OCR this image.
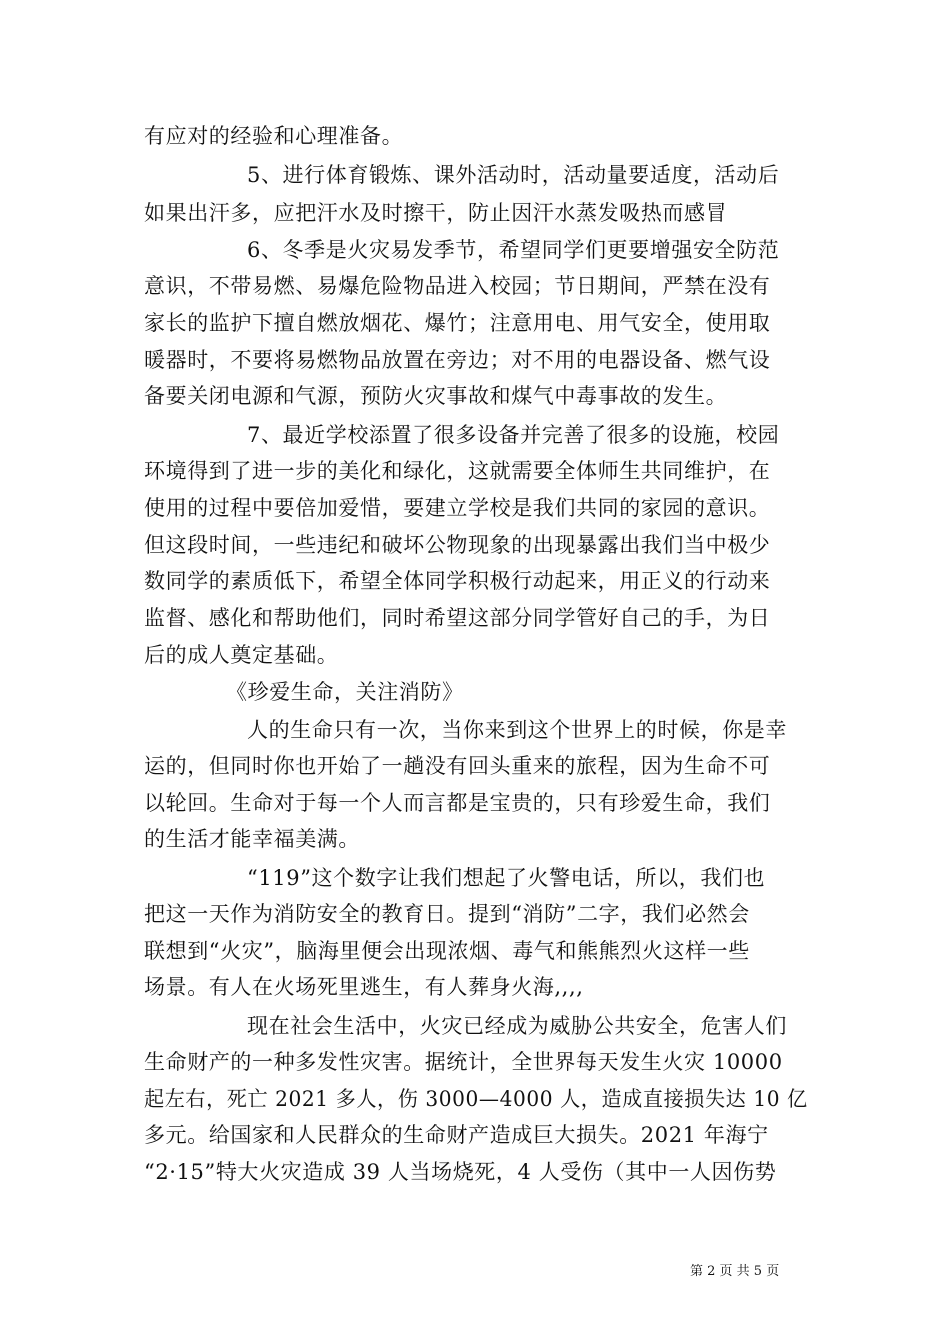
有应对的经验和心理准备。
5、进行体育锻炼、课外活动时，活动量要适度，活动后
如果出汗多，应把汗水及时擦干，防止因汗水蒸发吸热而感冒
6、冬季是火灾易发季节，希望同学们更要增强安全防范
意识，不带易燃、易爆危险物品进入校园；节日期间，严禁在没有
家长的监护下擅自燃放烟花、爆竹；注意用电、用气安全，使用取
暖器时，不要将易燃物品放置在旁边；对不用的电器设备、燃气设
备要关闭电源和气源，预防火灾事故和煤气中毒事故的发生。
7、最近学校添置了很多设备并完善了很多的设施，校园
环境得到了进一步的美化和绿化，这就需要全体师生共同维护，在
使用的过程中要倍加爱惜，要建立学校是我们共同的家园的意识。
但这段时间，一些违纪和破坏公物现象的出现暴露出我们当中极少
数同学的素质低下，希望全体同学积极行动起来，用正义的行动来
监督、感化和帮助他们，同时希望这部分同学管好自己的手，为日
后的成人奠定基础。
《珍爱生命，关注消防》
人的生命只有一次，当你来到这个世界上的时候，你是幸
运的，但同时你也开始了一趟没有回头重来的旅程，因为生命不可
以轮回。生命对于每一个人而言都是宝贵的，只有珍爱生命，我们
的生活才能幸福美满。
“119”这个数字让我们想起了火警电话，所以，我们也
把这一天作为消防安全的教育日。提到“消防”二字，我们必然会
联想到“火灾”，脑海里便会出现浓烟、毒气和熊熊烈火这样一些
场景。有人在火场死里逃生，有人葬身火海,,,,
现在社会生活中，火灾已经成为威胁公共安全，危害人们
生命财产的一种多发性灾害。据统计，全世界每天发生火灾 10000
起左右，死亡 2021 多人，伤 3000—4000 人，造成直接损失达 10 亿
多元。给国家和人民群众的生命财产造成巨大损失。2021 年海宁
“2·15”特大火灾造成 39 人当场烧死，4 人受伤（其中一人因伤势
第 2 页 共 5 页
